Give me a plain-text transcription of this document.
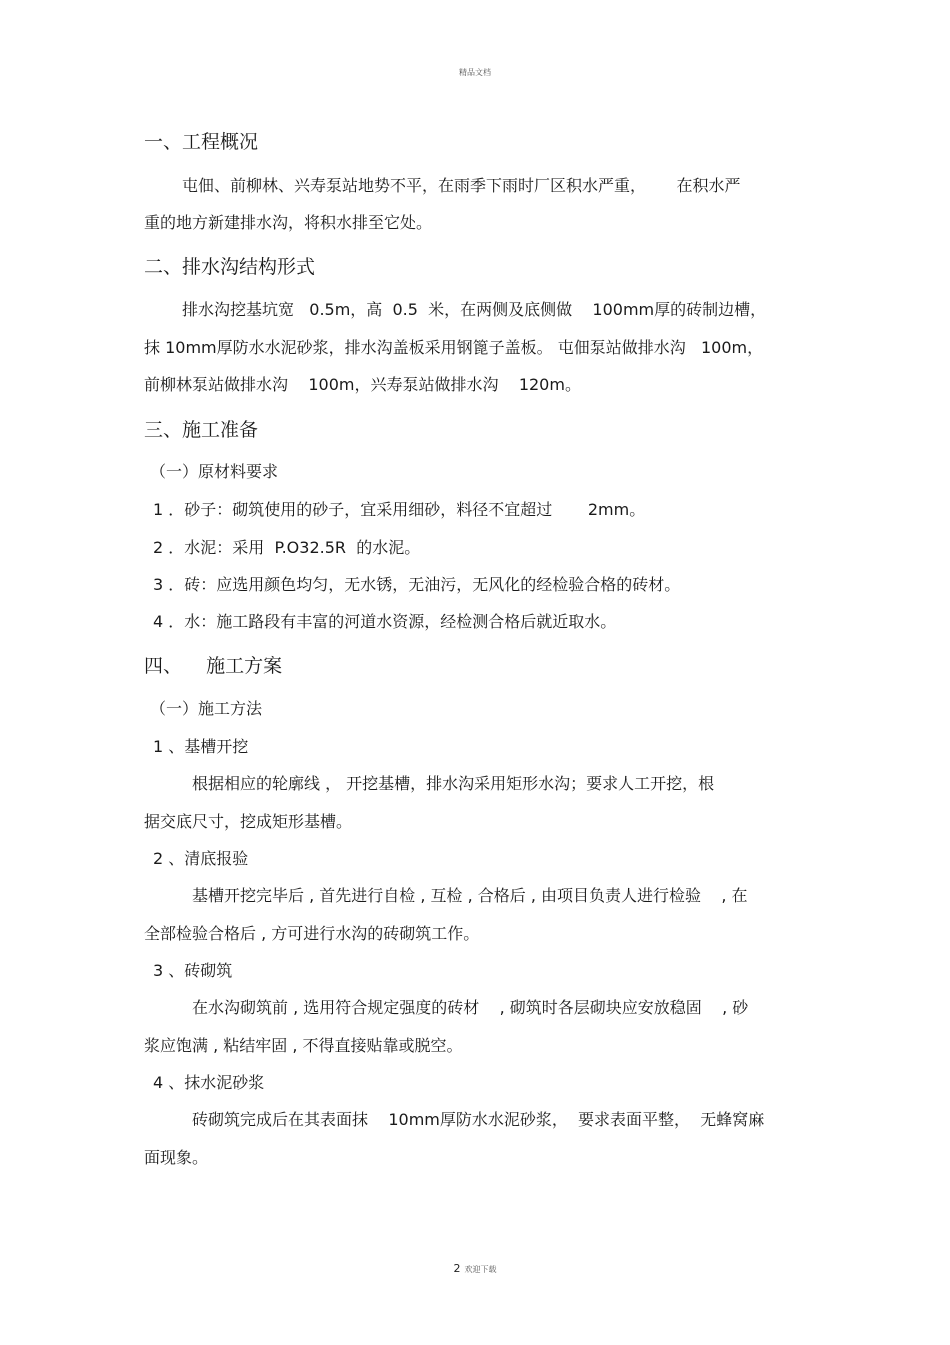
精品文档
一、工程概况
屯佃、前柳林、兴寿泵站地势不平，在雨季下雨时厂区积水严重，      在积水严
重的地方新建排水沟，将积水排至它处。
二、排水沟结构形式
排水沟挖基坑宽   0.5m，高  0.5  米，在两侧及底侧做    100mm厚的砖制边槽，
抹 10mm厚防水水泥砂浆，排水沟盖板采用钢篦子盖板。 屯佃泵站做排水沟   100m，
前柳林泵站做排水沟    100m，兴寿泵站做排水沟    120m。
三、施工准备
（一）原材料要求
1 ．砂子：砌筑使用的砂子，宜采用细砂，料径不宜超过       2mm。
2 ．水泥：采用  P.O32.5R  的水泥。
3 ．砖：应选用颜色均匀，无水锈，无油污，无风化的经检验合格的砖材。
4 ．水：施工路段有丰富的河道水资源，经检测合格后就近取水。
四、    施工方案
（一）施工方法
1 、基槽开挖
根据相应的轮廓线 ， 开挖基槽，排水沟采用矩形水沟；要求人工开挖，根
据交底尺寸，挖成矩形基槽。
2 、清底报验
基槽开挖完毕后 , 首先进行自检 , 互检 , 合格后 , 由项目负责人进行检验    , 在
全部检验合格后 , 方可进行水沟的砖砌筑工作。
3 、砖砌筑
在水沟砌筑前 , 选用符合规定强度的砖材    , 砌筑时各层砌块应安放稳固    , 砂
浆应饱满 , 粘结牢固 , 不得直接贴靠或脱空。
4 、抹水泥砂浆
砖砌筑完成后在其表面抹    10mm厚防水水泥砂浆，  要求表面平整，  无蜂窝麻
面现象。
2 欢迎下载
